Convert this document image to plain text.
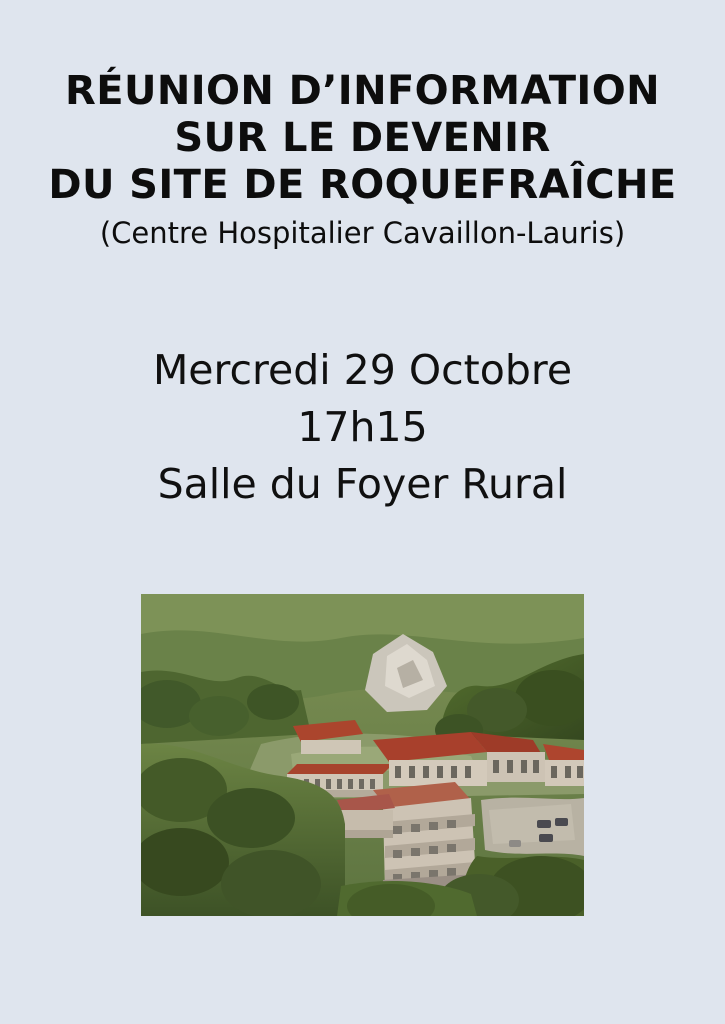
RÉUNION D’INFORMATION
SUR LE DEVENIR
DU SITE DE ROQUEFRAÎCHE
(Centre Hospitalier Cavaillon-Lauris)
Mercredi 29 Octobre
17h15
Salle du Foyer Rural
